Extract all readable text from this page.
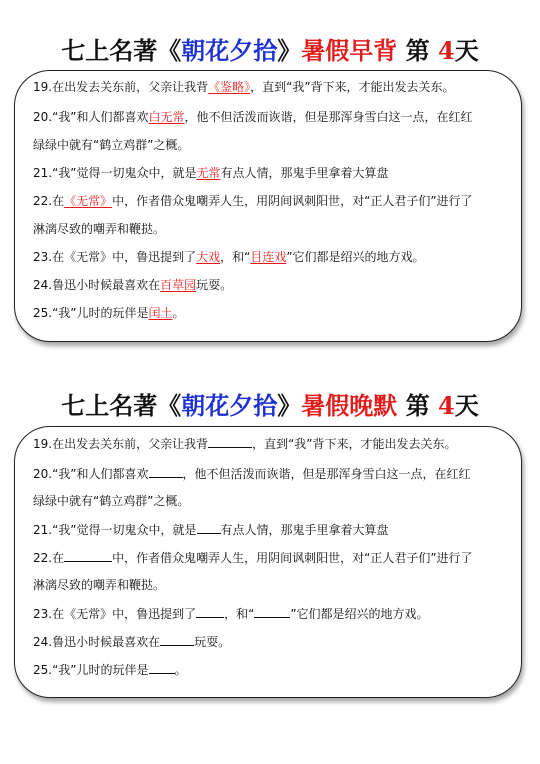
七上名著《朝花夕拾》暑假早背 第 4天
19.在出发去关东前，父亲让我背《鉴略》，直到“我”背下来，才能出发去关东。
20.“我”和人们都喜欢白无常，他不但活泼而诙谐，但是那浑身雪白这一点，在红红
绿绿中就有“鹤立鸡群”之概。
21.“我”觉得一切鬼众中，就是无常有点人情，那鬼手里拿着大算盘
22.在《无常》中，作者借众鬼嘲弄人生，用阴间讽刺阳世，对“正人君子们”进行了
淋漓尽致的嘲弄和鞭挞。
23.在《无常》中，鲁迅提到了大戏，和“目连戏”它们都是绍兴的地方戏。
24.鲁迅小时候最喜欢在百草园玩耍。
25.“我”儿时的玩伴是闰土。
七上名著《朝花夕拾》暑假晚默 第 4天
19.在出发去关东前，父亲让我背	，直到“我”背下来，才能出发去关东。
20.“我”和人们都喜欢	，他不但活泼而诙谐，但是那浑身雪白这一点，在红红
绿绿中就有“鹤立鸡群”之概。
21.“我”觉得一切鬼众中，就是 有点人情，那鬼手里拿着大算盘
22.在	中，作者借众鬼嘲弄人生，用阴间讽刺阳世，对“正人君子们”进行了
淋漓尽致的嘲弄和鞭挞。
23.在《无常》中，鲁迅提到了 ，和“	”它们都是绍兴的地方戏。
24.鲁迅小时候最喜欢在	玩耍。
25.“我”儿时的玩伴是 。
